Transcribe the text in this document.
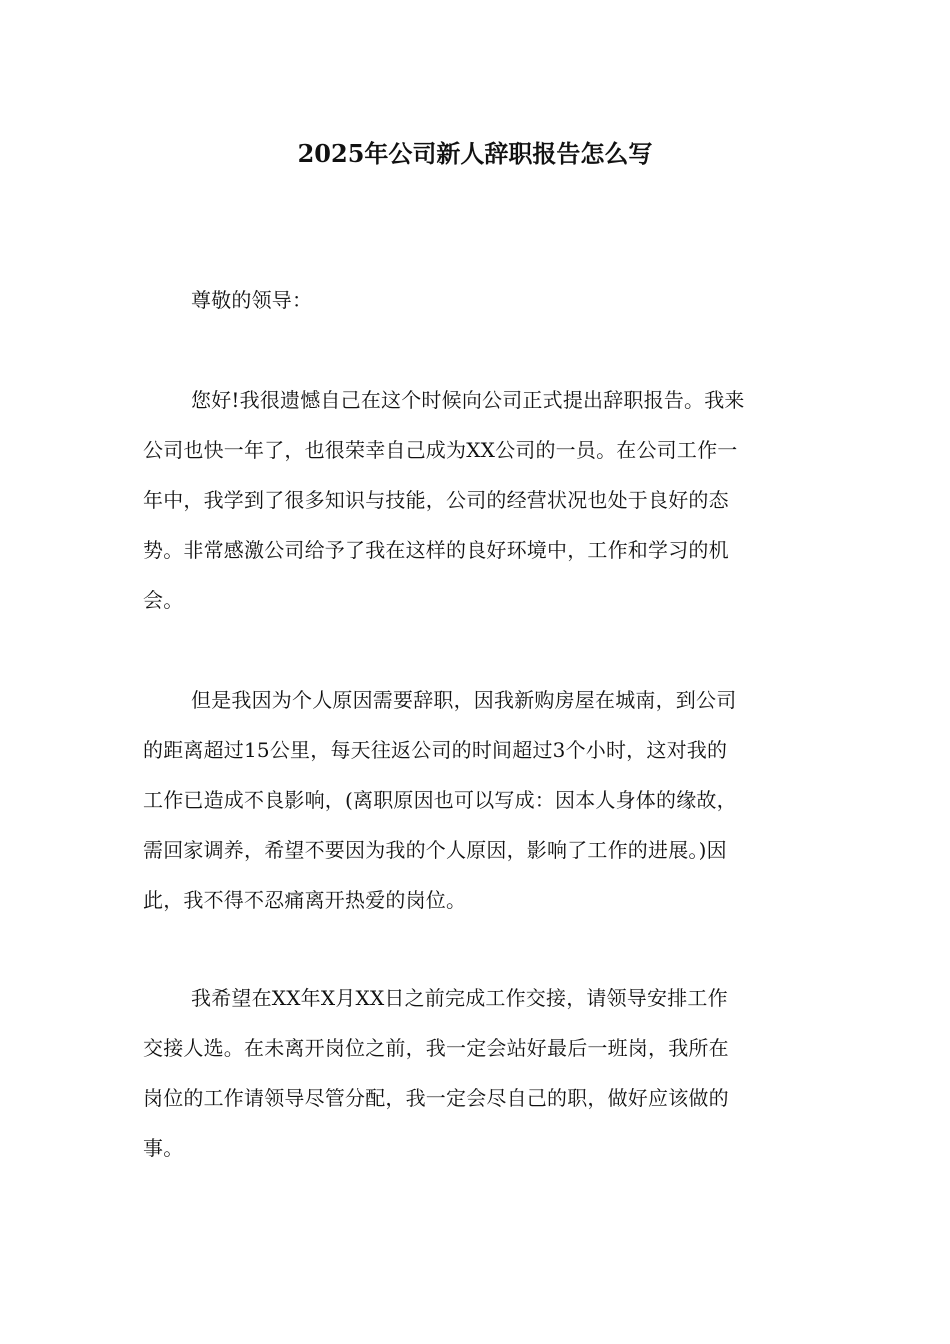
2025年公司新人辞职报告怎么写
尊敬的领导：
您好!我很遗憾自己在这个时候向公司正式提出辞职报告。我来
公司也快一年了，也很荣幸自己成为XX公司的一员。在公司工作一
年中，我学到了很多知识与技能，公司的经营状况也处于良好的态
势。非常感激公司给予了我在这样的良好环境中，工作和学习的机
会。
但是我因为个人原因需要辞职，因我新购房屋在城南，到公司
的距离超过15公里，每天往返公司的时间超过3个小时，这对我的
工作已造成不良影响，(离职原因也可以写成：因本人身体的缘故，
需回家调养，希望不要因为我的个人原因，影响了工作的进展。)因
此，我不得不忍痛离开热爱的岗位。
我希望在XX年X月XX日之前完成工作交接，请领导安排工作
交接人选。在未离开岗位之前，我一定会站好最后一班岗，我所在
岗位的工作请领导尽管分配，我一定会尽自己的职，做好应该做的
事。
